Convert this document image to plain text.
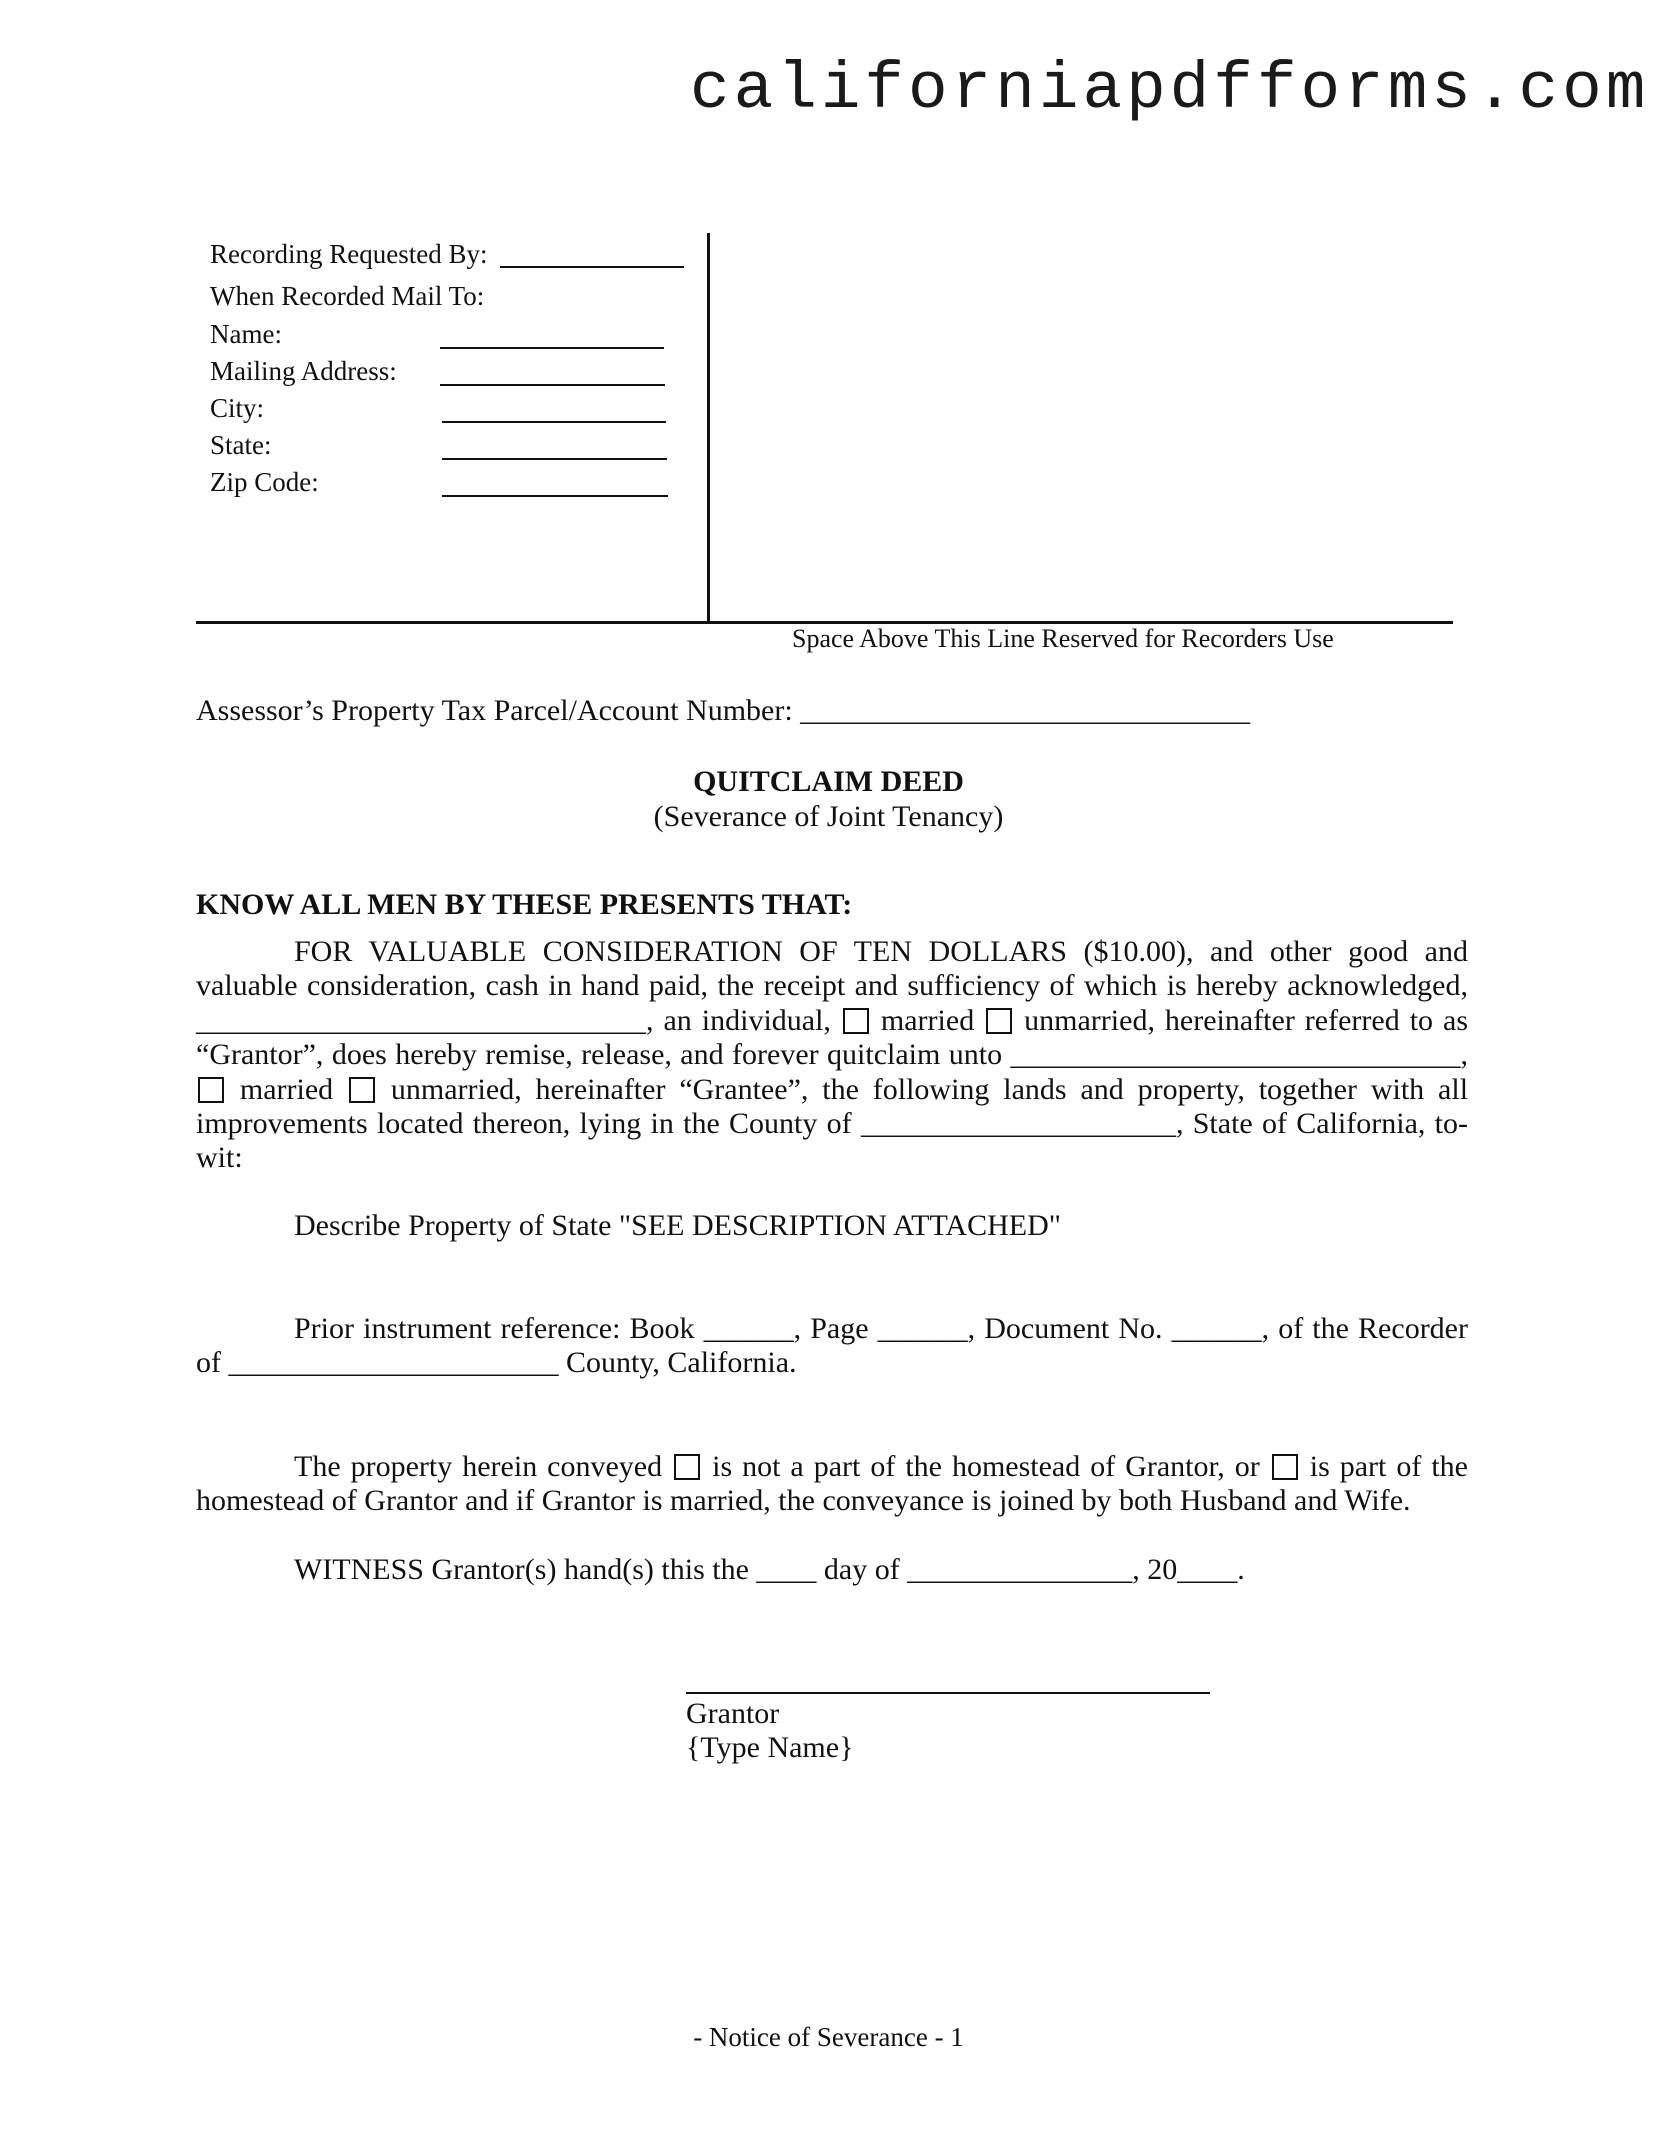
californiapdfforms.com
Recording Requested By:
When Recorded Mail To:
Name:
Mailing Address:
City:
State:
Zip Code:
Space Above This Line Reserved for Recorders Use
Assessor’s Property Tax Parcel/Account Number: ______________________________
QUITCLAIM DEED
(Severance of Joint Tenancy)
KNOW ALL MEN BY THESE PRESENTS THAT:

FOR VALUABLE CONSIDERATION OF TEN DOLLARS ($10.00), and other good and valuable consideration, cash in hand paid, the receipt and sufficiency of which is hereby acknowledged, ______________________________, an individual, married unmarried, hereinafter referred to as “Grantor”, does hereby remise, release, and forever quitclaim unto ______________________________,  married unmarried, hereinafter “Grantee”, the following lands and property, together with all improvements located thereon, lying in the County of _____________________, State of California, to-wit:

Describe Property of State "SEE DESCRIPTION ATTACHED"

Prior instrument reference: Book ______, Page ______, Document No. ______, of the Recorder of ______________________ County, California.

The property herein conveyed is not a part of the homestead of Grantor, or is part of the homestead of Grantor and if Grantor is married, the conveyance is joined by both Husband and Wife.

WITNESS Grantor(s) hand(s) this the ____ day of _______________, 20____.

Grantor
{Type Name}
- Notice of Severance - 1
